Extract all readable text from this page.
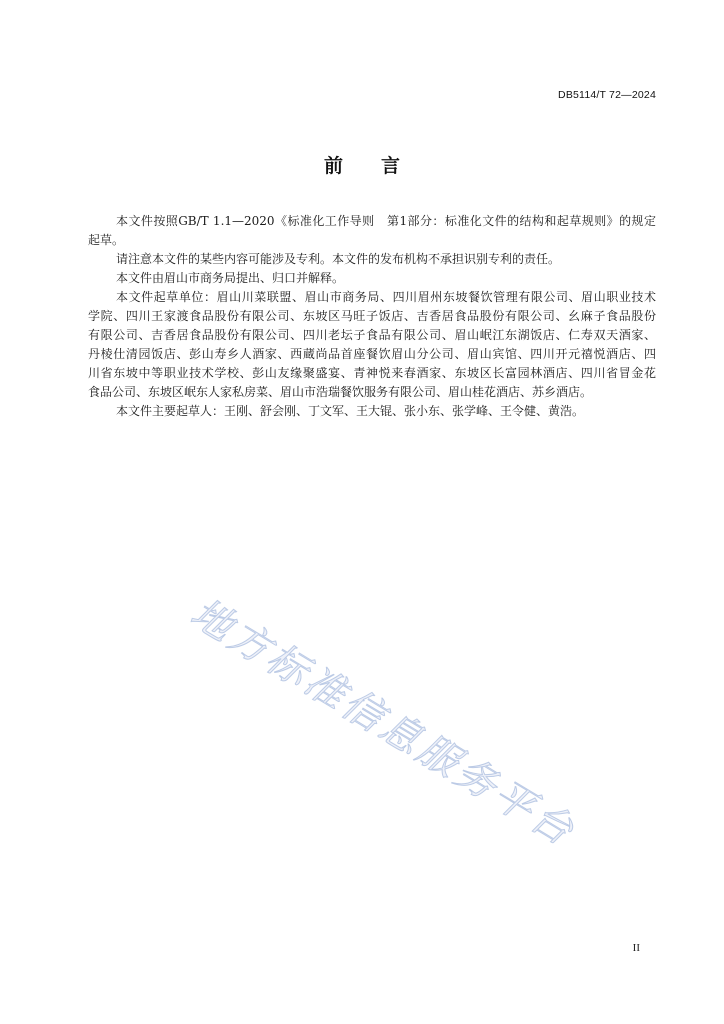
DB5114/T 72—2024
前　　言
本文件按照GB/T 1.1—2020《标准化工作导则　第1部分：标准化文件的结构和起草规则》的规定
起草。
请注意本文件的某些内容可能涉及专利。本文件的发布机构不承担识别专利的责任。
本文件由眉山市商务局提出、归口并解释。
本文件起草单位：眉山川菜联盟、眉山市商务局、四川眉州东坡餐饮管理有限公司、眉山职业技术
学院、四川王家渡食品股份有限公司、东坡区马旺子饭店、吉香居食品股份有限公司、幺麻子食品股份
有限公司、吉香居食品股份有限公司、四川老坛子食品有限公司、眉山岷江东湖饭店、仁寿双天酒家、
丹棱仕清园饭店、彭山寿乡人酒家、西蔵尚品首座餐饮眉山分公司、眉山宾馆、四川开元禧悦酒店、四
川省东坡中等职业技术学校、彭山友缘聚盛宴、青神悦来春酒家、东坡区长富园林酒店、四川省冒金花
食品公司、东坡区岷东人家私房菜、眉山市浩瑞餐饮服务有限公司、眉山桂花酒店、苏乡酒店。
本文件主要起草人：王刚、舒会刚、丁文军、王大锟、张小东、张学峰、王令健、黄浩。
地方标准信息服务平台
II
